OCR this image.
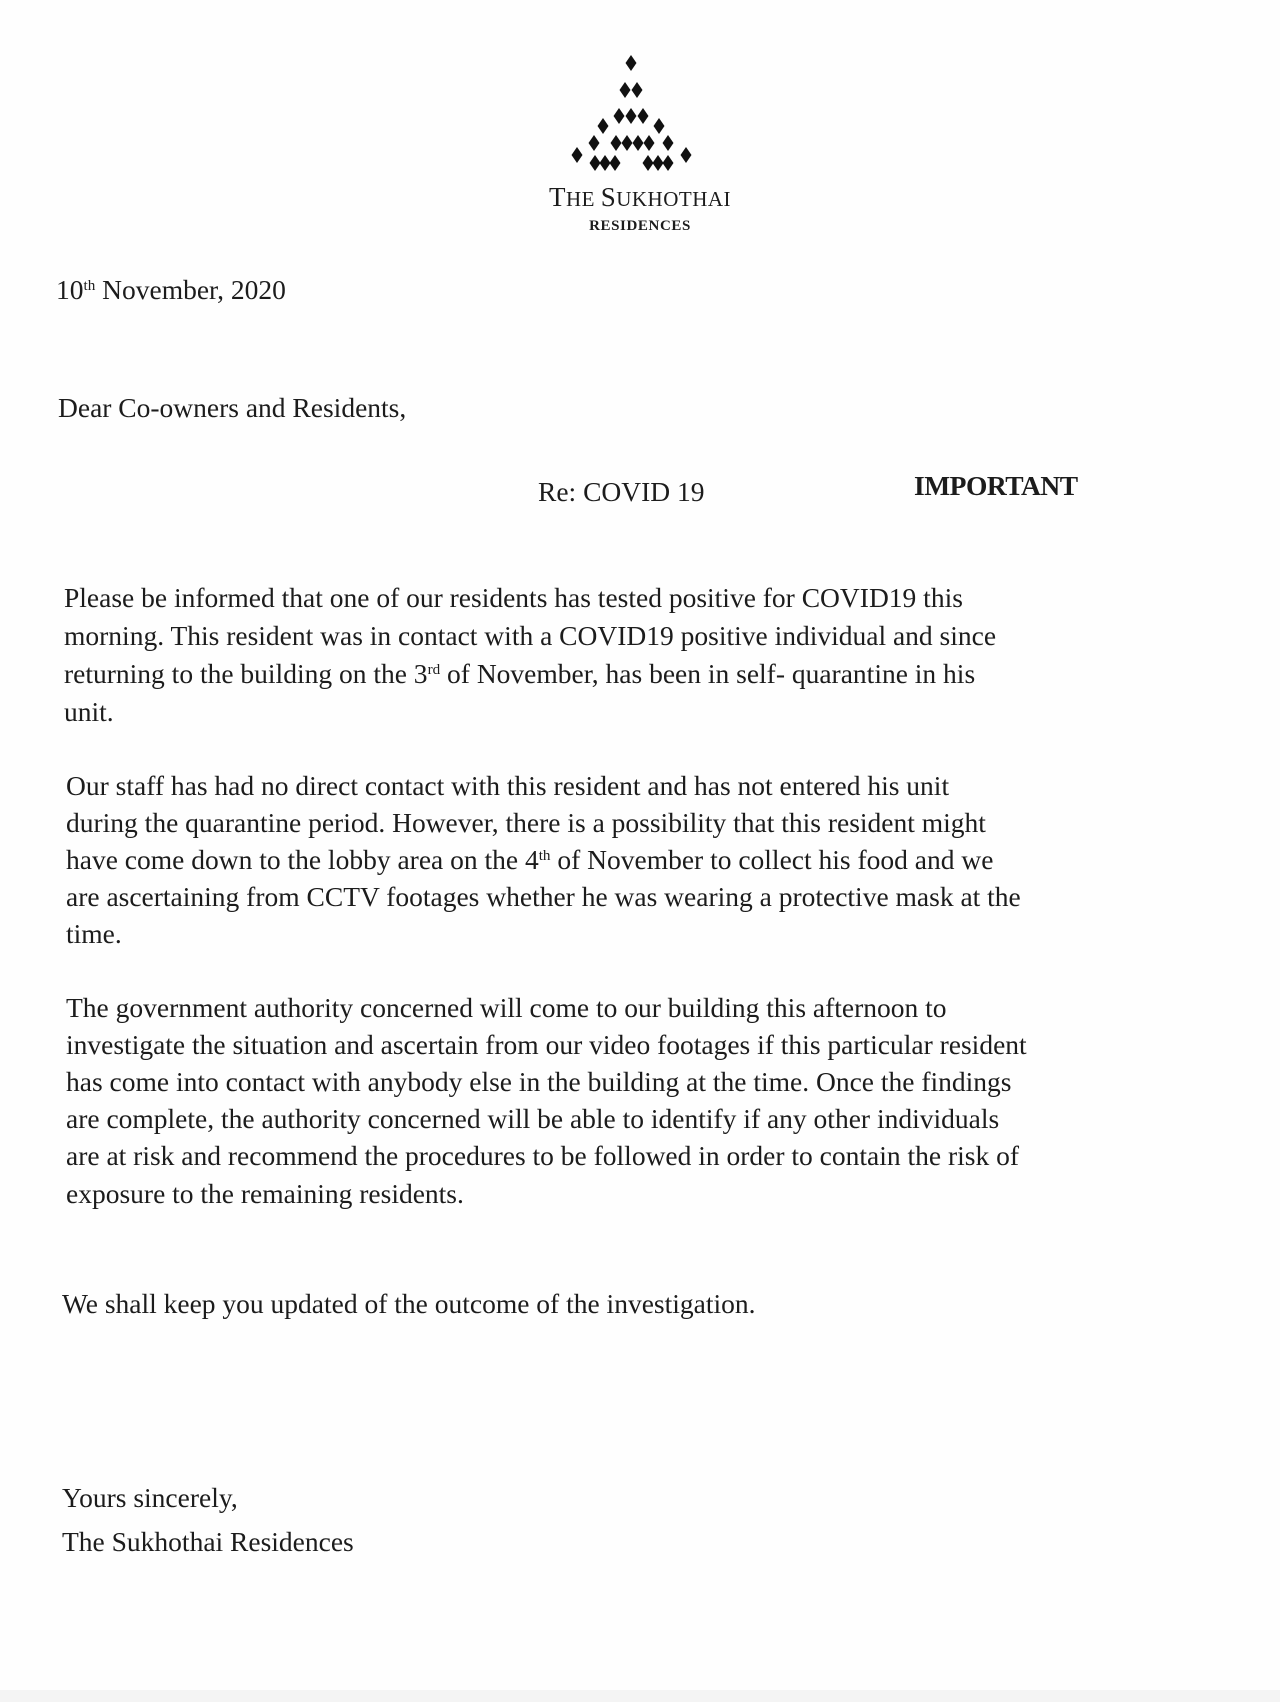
THE SUKHOTHAI
RESIDENCES
10th November, 2020
Dear Co-owners and Residents,
Re: COVID 19	IMPORTANT
Please be informed that one of our residents has tested positive for COVID19 this
morning. This resident was in contact with a COVID19 positive individual and since
returning to the building on the 3rd of November, has been in self- quarantine in his
unit.
Our staff has had no direct contact with this resident and has not entered his unit
during the quarantine period. However, there is a possibility that this resident might
have come down to the lobby area on the 4th of November to collect his food and we
are ascertaining from CCTV footages whether he was wearing a protective mask at the
time.
The government authority concerned will come to our building this afternoon to
investigate the situation and ascertain from our video footages if this particular resident
has come into contact with anybody else in the building at the time. Once the findings
are complete, the authority concerned will be able to identify if any other individuals
are at risk and recommend the procedures to be followed in order to contain the risk of
exposure to the remaining residents.
We shall keep you updated of the outcome of the investigation.
Yours sincerely,
The Sukhothai Residences
